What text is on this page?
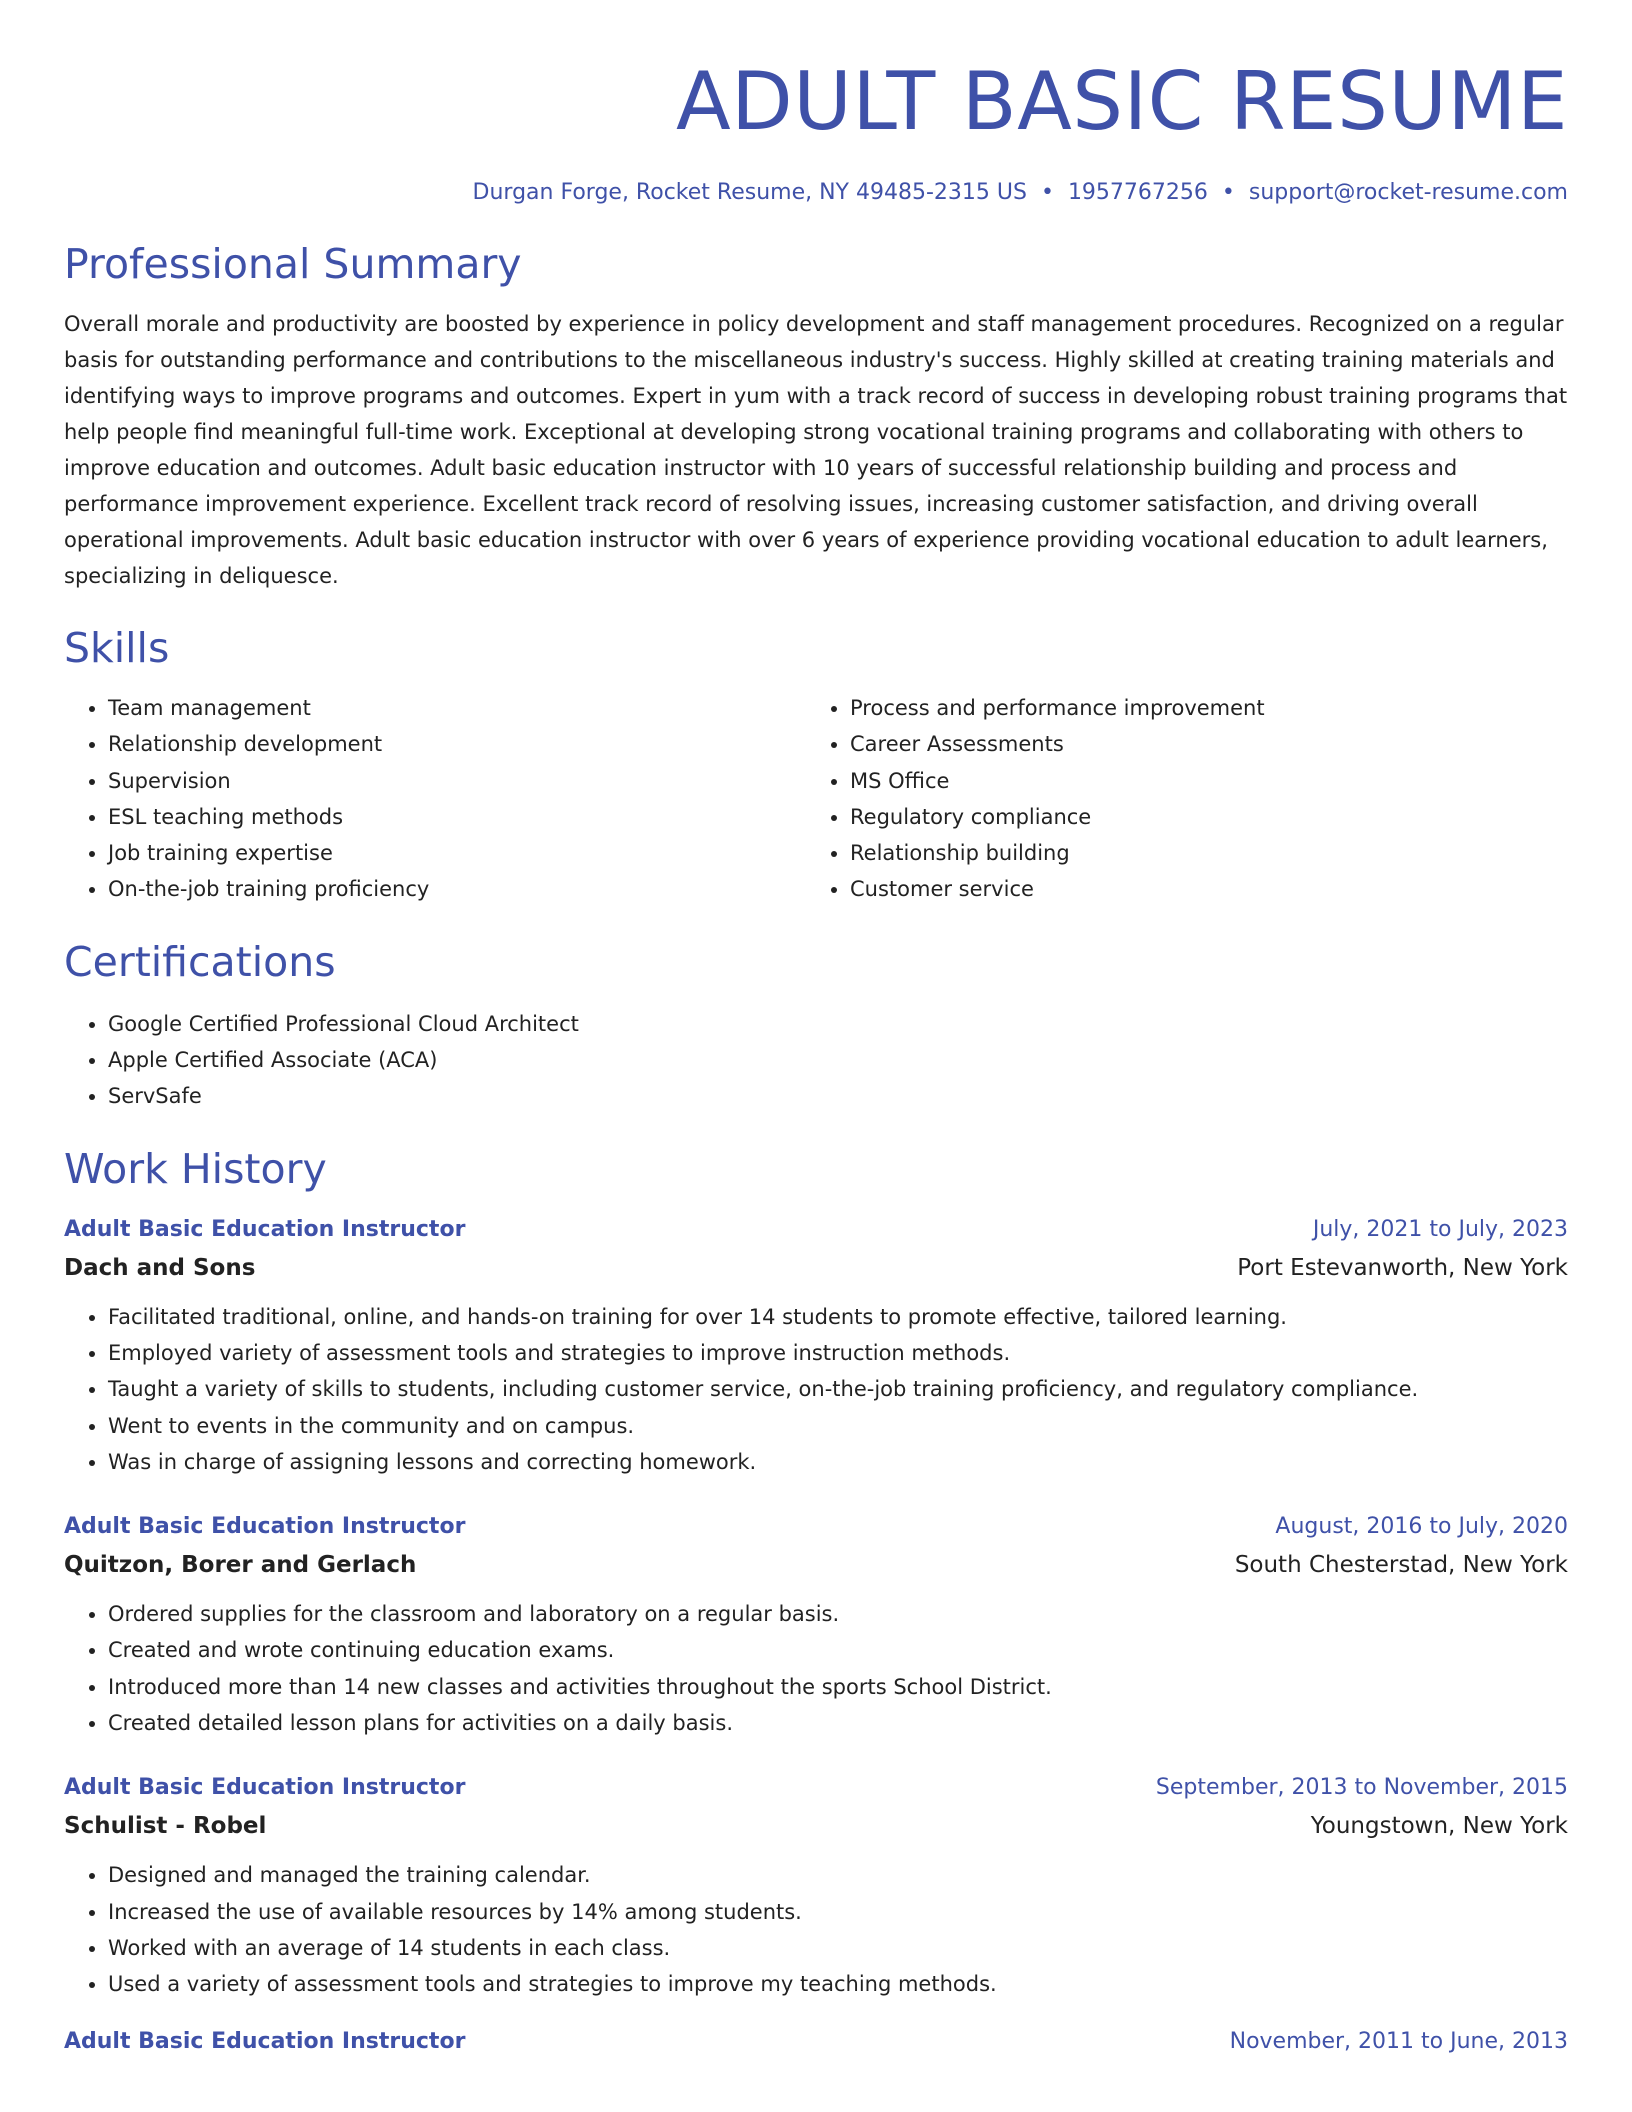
ADULT BASIC RESUME
Durgan Forge, Rocket Resume, NY 49485-2315 US • 1957767256 • support@rocket-resume.com
Professional Summary

Overall morale and productivity are boosted by experience in policy development and staff management procedures. Recognized on a regular basis for outstanding performance and contributions to the miscellaneous industry's success. Highly skilled at creating training materials and identifying ways to improve programs and outcomes. Expert in yum with a track record of success in developing robust training programs that help people find meaningful full-time work. Exceptional at developing strong vocational training programs and collaborating with others to improve education and outcomes. Adult basic education instructor with 10 years of successful relationship building and process and performance improvement experience. Excellent track record of resolving issues, increasing customer satisfaction, and driving overall operational improvements. Adult basic education instructor with over 6 years of experience providing vocational education to adult learners, specializing in deliquesce.

Skills
• Team management
• Relationship development
• Supervision
• ESL teaching methods
• Job training expertise
• On-the-job training proficiency
• Process and performance improvement
• Career Assessments
• MS Office
• Regulatory compliance
• Relationship building
• Customer service
Certifications
• Google Certified Professional Cloud Architect
• Apple Certified Associate (ACA)
• ServSafe
Work History
Adult Basic Education Instructor	July, 2021 to July, 2023
Dach and Sons	Port Estevanworth, New York
• Facilitated traditional, online, and hands-on training for over 14 students to promote effective, tailored learning.
• Employed variety of assessment tools and strategies to improve instruction methods.
• Taught a variety of skills to students, including customer service, on-the-job training proficiency, and regulatory compliance.
• Went to events in the community and on campus.
• Was in charge of assigning lessons and correcting homework.
Adult Basic Education Instructor	August, 2016 to July, 2020
Quitzon, Borer and Gerlach	South Chesterstad, New York
• Ordered supplies for the classroom and laboratory on a regular basis.
• Created and wrote continuing education exams.
• Introduced more than 14 new classes and activities throughout the sports School District.
• Created detailed lesson plans for activities on a daily basis.
Adult Basic Education Instructor	September, 2013 to November, 2015
Schulist - Robel	Youngstown, New York
• Designed and managed the training calendar.
• Increased the use of available resources by 14% among students.
• Worked with an average of 14 students in each class.
• Used a variety of assessment tools and strategies to improve my teaching methods.
Adult Basic Education Instructor	November, 2011 to June, 2013
